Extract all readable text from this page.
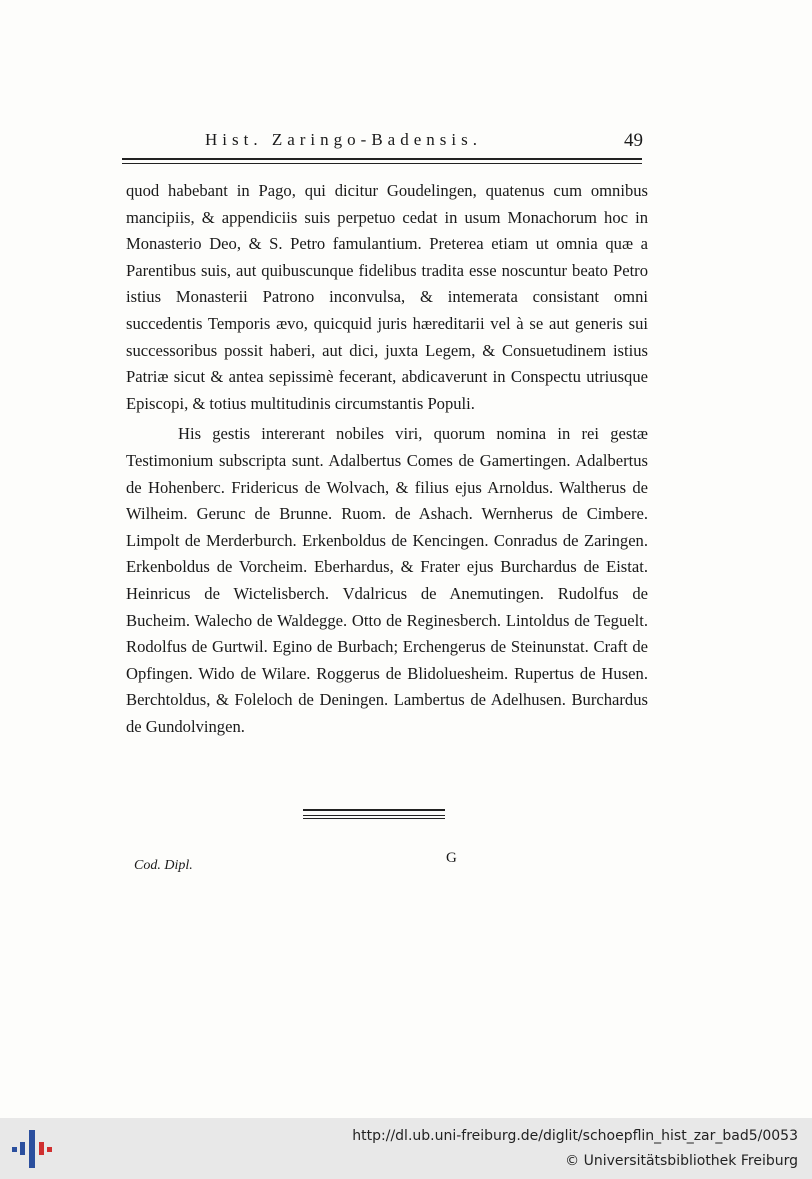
Hist. Zaringo-Badensis.	49

quod habebant in Pago, qui dicitur Goudelingen, quatenus cum omnibus mancipiis, & appendiciis suis perpetuo cedat in usum Monachorum hoc in Monasterio Deo, & S. Petro famulantium. Preterea etiam ut omnia quæ a Parentibus suis, aut quibuscunque fidelibus tradita esse noscuntur beato Petro istius Monasterii Patrono inconvulsa, & intemerata consistant omni succedentis Temporis ævo, quicquid juris hæreditarii vel à se aut generis sui successoribus possit haberi, aut dici, juxta Legem, & Consuetudinem istius Patriæ sicut & antea sepissimè fecerant, abdicaverunt in Conspectu utriusque Episcopi, & totius multitudinis circumstantis Populi.

His gestis intererant nobiles viri, quorum nomina in rei gestæ Testimonium subscripta sunt. Adalbertus Comes de Gamertingen. Adalbertus de Hohenberc. Fridericus de Wolvach, & filius ejus Arnoldus. Waltherus de Wilheim. Gerunc de Brunne. Ruom. de Ashach. Wernherus de Cimbere. Limpolt de Merderburch. Erkenboldus de Kencingen. Conradus de Zaringen. Erkenboldus de Vorcheim. Eberhardus, & Frater ejus Burchardus de Eistat. Heinricus de Wictelisberch. Vdalricus de Anemutingen. Rudolfus de Bucheim. Walecho de Waldegge. Otto de Reginesberch. Lintoldus de Teguelt. Rodolfus de Gurtwil. Egino de Burbach; Erchengerus de Steinunstat. Craft de Opfingen. Wido de Wilare. Roggerus de Blidoluesheim. Rupertus de Husen. Berchtoldus, & Foleloch de Deningen. Lambertus de Adelhusen. Burchardus de Gundolvingen.

Cod. Dipl.	G
http://dl.ub.uni-freiburg.de/diglit/schoepflin_hist_zar_bad5/0053
© Universitätsbibliothek Freiburg
